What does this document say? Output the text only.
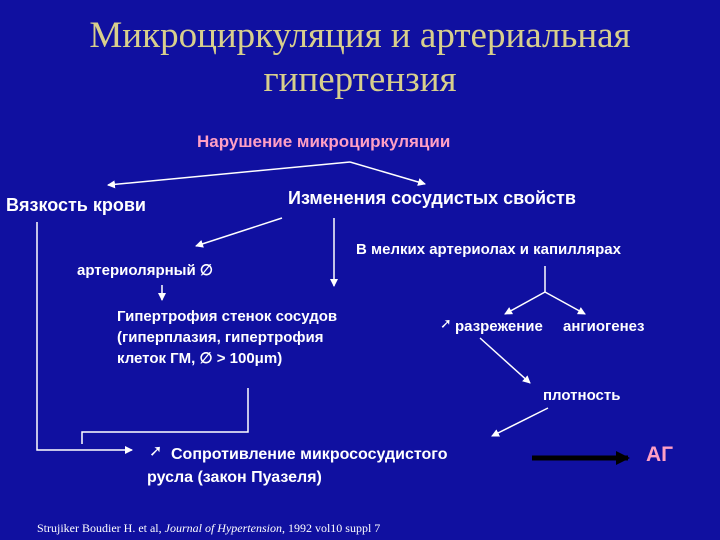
Микроциркуляция и артериальная
гипертензия
Нарушение микроциркуляции
Вязкость крови	Изменения сосудистых свойств
артериолярный ∅
В мелких артериолах и капиллярах
Гипертрофия стенок сосудов
(гиперплазия, гипертрофия
клеток ГМ, ∅ > 100μm)
➚ разрежение ангиогенез
плотность
➚ Сопротивление микрососудистого
русла (закон Пуазеля)
АГ
Strujiker Boudier H. et al, Journal of Hypertension, 1992 vol10 suppl 7
